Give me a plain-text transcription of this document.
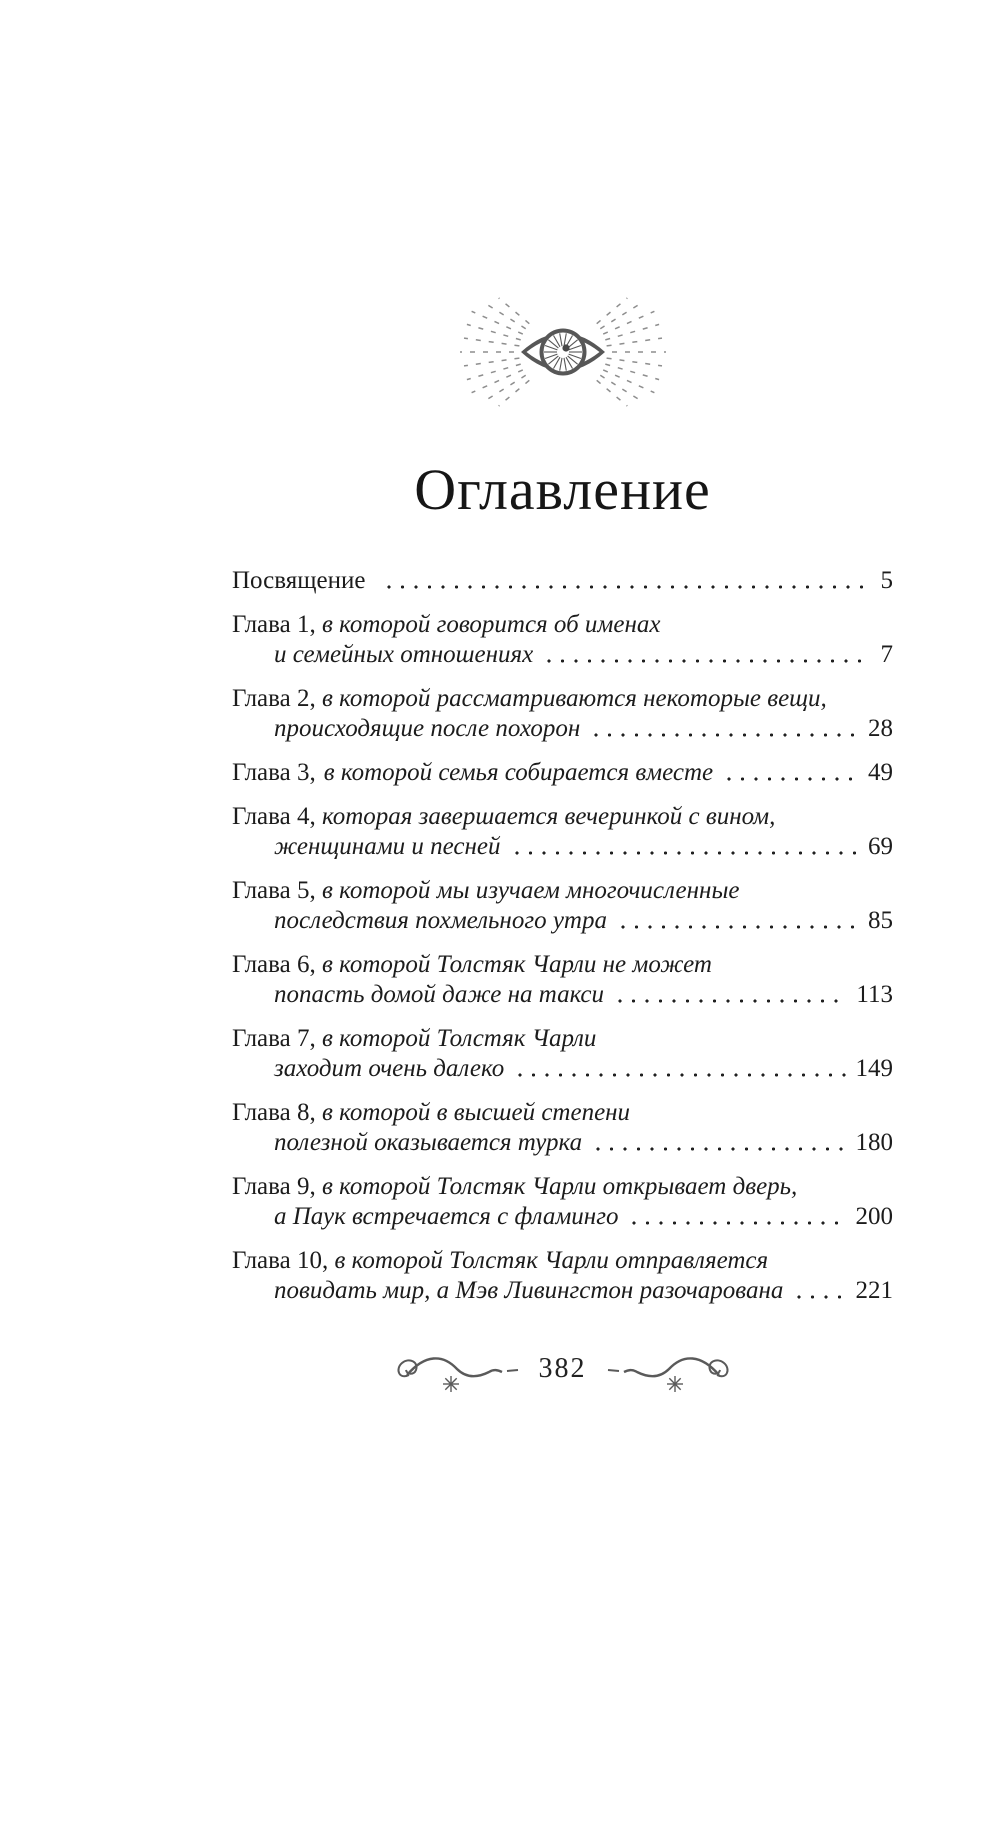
Оглавление
Посвящение	5
Глава 1, в которой говорится об именах
и семейных отношениях	7
Глава 2, в которой рассматриваются некоторые вещи,
происходящие после похорон	28
Глава 3, в которой семья собирается вместе	49
Глава 4, которая завершается вечеринкой с вином,
женщинами и песней	69
Глава 5, в которой мы изучаем многочисленные
последствия похмельного утра	85
Глава 6, в которой Толстяк Чарли не может
попасть домой даже на такси	113
Глава 7, в которой Толстяк Чарли
заходит очень далеко	149
Глава 8, в которой в высшей степени
полезной оказывается турка	180
Глава 9, в которой Толстяк Чарли открывает дверь,
а Паук встречается с фламинго	200
Глава 10, в которой Толстяк Чарли отправляется
повидать мир, а Мэв Ливингстон разочарована	221
382
